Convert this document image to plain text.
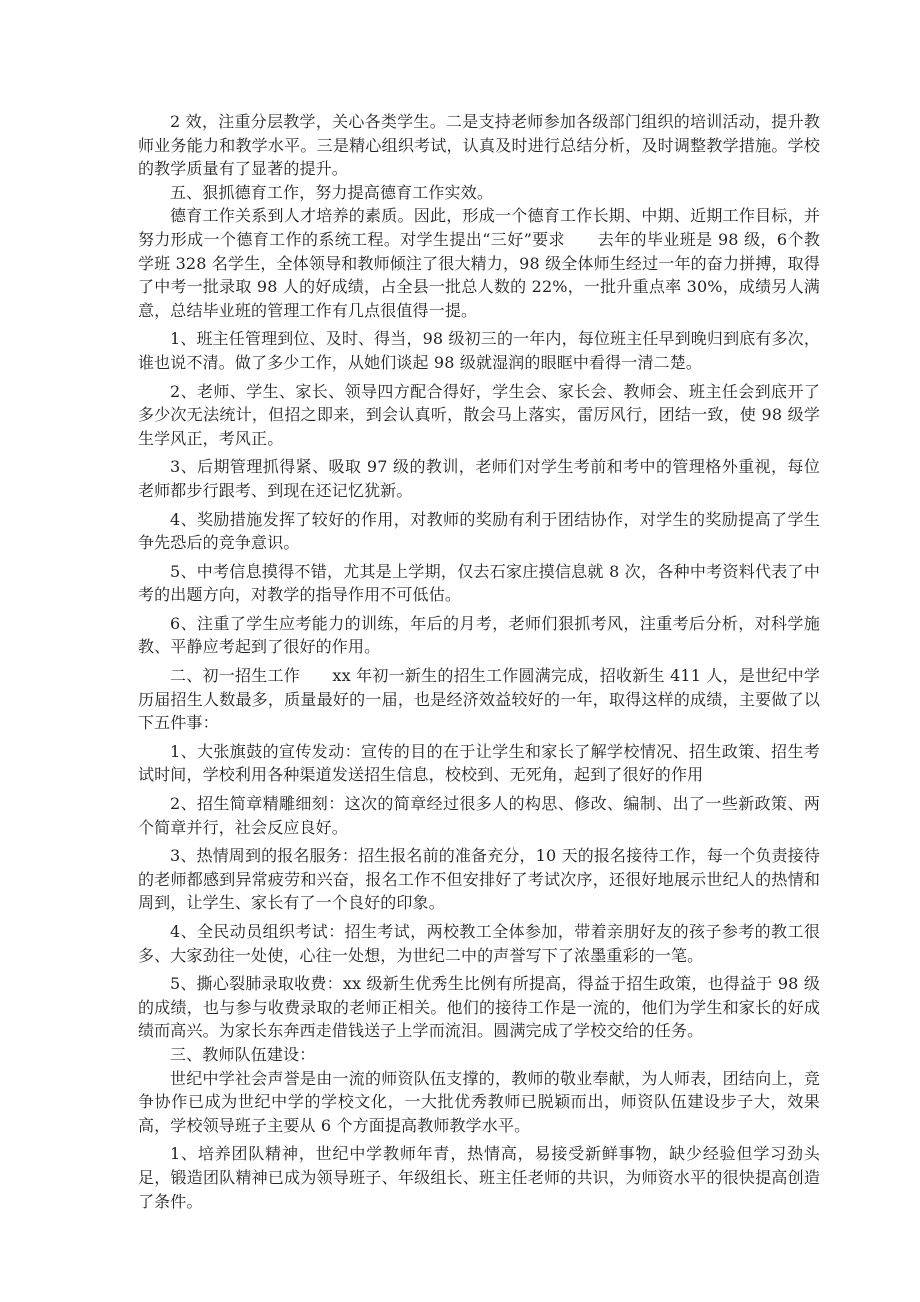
2 效，注重分层教学，关心各类学生。二是支持老师参加各级部门组织的培训活动，提升教师业务能力和教学水平。三是精心组织考试，认真及时进行总结分析，及时调整教学措施。学校的教学质量有了显著的提升。

五、狠抓德育工作，努力提高德育工作实效。

德育工作关系到人才培养的素质。因此，形成一个德育工作长期、中期、近期工作目标，并努力形成一个德育工作的系统工程。对学生提出“三好”要求　　去年的毕业班是 98 级，6个教学班 328 名学生，全体领导和教师倾注了很大精力，98 级全体师生经过一年的奋力拼搏，取得了中考一批录取 98 人的好成绩，占全县一批总人数的 22%，一批升重点率 30%，成绩另人满意，总结毕业班的管理工作有几点很值得一提。

1、班主任管理到位、及时、得当，98 级初三的一年内，每位班主任早到晚归到底有多次，谁也说不清。做了多少工作，从她们谈起 98 级就湿润的眼眶中看得一清二楚。

2、老师、学生、家长、领导四方配合得好，学生会、家长会、教师会、班主任会到底开了多少次无法统计，但招之即来，到会认真听，散会马上落实，雷厉风行，团结一致，使 98 级学生学风正，考风正。

3、后期管理抓得紧、吸取 97 级的教训，老师们对学生考前和考中的管理格外重视，每位老师都步行跟考、到现在还记忆犹新。

4、奖励措施发挥了较好的作用，对教师的奖励有利于团结协作，对学生的奖励提高了学生争先恐后的竞争意识。

5、中考信息摸得不错，尤其是上学期，仅去石家庄摸信息就 8 次，各种中考资料代表了中考的出题方向，对教学的指导作用不可低估。

6、注重了学生应考能力的训练，年后的月考，老师们狠抓考风，注重考后分析，对科学施教、平静应考起到了很好的作用。

二、初一招生工作　　xx 年初一新生的招生工作圆满完成，招收新生 411 人，是世纪中学历届招生人数最多，质量最好的一届，也是经济效益较好的一年，取得这样的成绩，主要做了以下五件事：

1、大张旗鼓的宣传发动：宣传的目的在于让学生和家长了解学校情况、招生政策、招生考试时间，学校利用各种渠道发送招生信息，校校到、无死角，起到了很好的作用

2、招生简章精雕细刻：这次的简章经过很多人的构思、修改、编制、出了一些新政策、两个简章并行，社会反应良好。

3、热情周到的报名服务：招生报名前的准备充分，10 天的报名接待工作，每一个负责接待的老师都感到异常疲劳和兴奋，报名工作不但安排好了考试次序，还很好地展示世纪人的热情和周到，让学生、家长有了一个良好的印象。

4、全民动员组织考试：招生考试，两校教工全体参加，带着亲朋好友的孩子参考的教工很多、大家劲往一处使，心往一处想，为世纪二中的声誉写下了浓墨重彩的一笔。

5、撕心裂肺录取收费：xx 级新生优秀生比例有所提高，得益于招生政策，也得益于 98 级的成绩，也与参与收费录取的老师正相关。他们的接待工作是一流的，他们为学生和家长的好成绩而高兴。为家长东奔西走借钱送子上学而流泪。圆满完成了学校交给的任务。

三、教师队伍建设：

世纪中学社会声誉是由一流的师资队伍支撑的，教师的敬业奉献，为人师表，团结向上，竞争协作已成为世纪中学的学校文化，一大批优秀教师已脱颖而出，师资队伍建设步子大，效果高，学校领导班子主要从 6 个方面提高教师教学水平。

1、培养团队精神，世纪中学教师年青，热情高，易接受新鲜事物，缺少经验但学习劲头足，锻造团队精神已成为领导班子、年级组长、班主任老师的共识，为师资水平的很快提高创造了条件。
